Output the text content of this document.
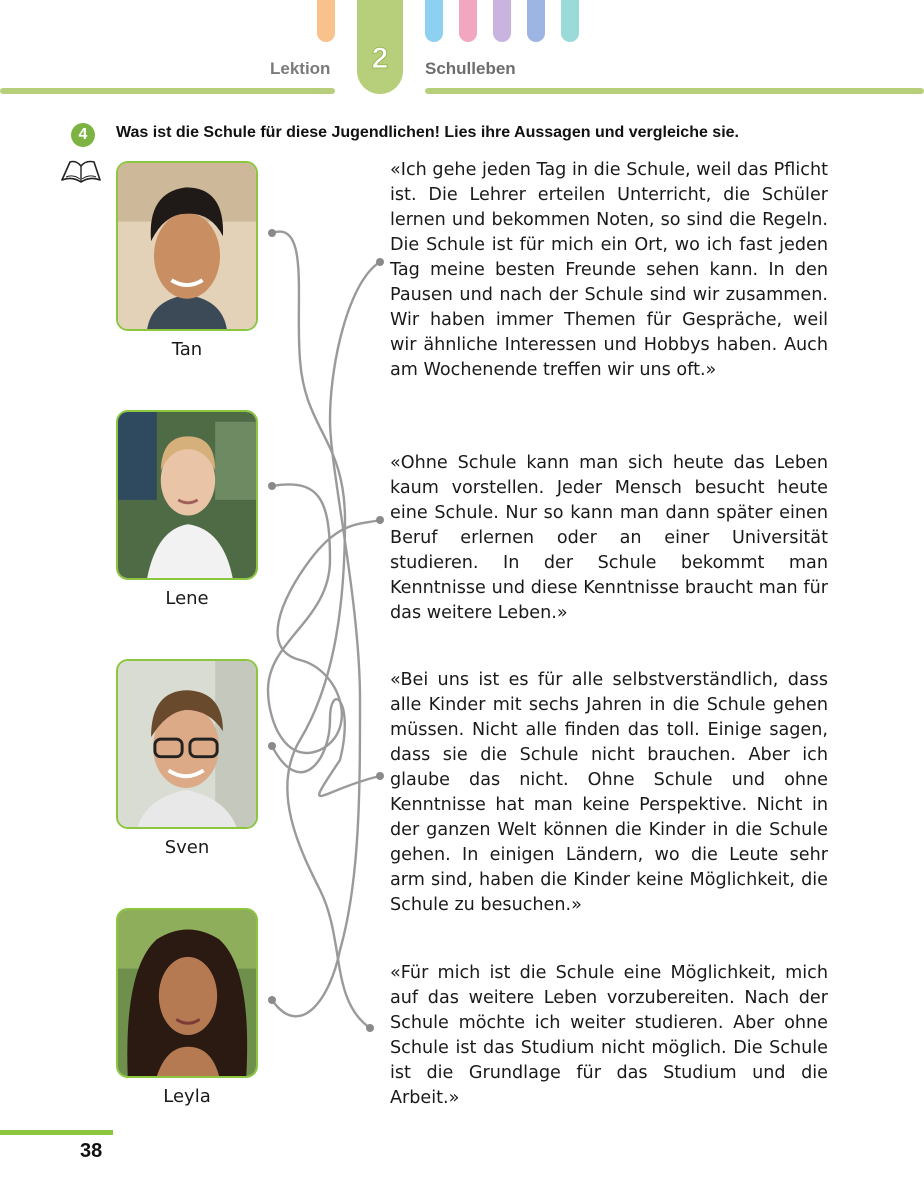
2
Lektion	Schulleben
4	Was ist die Schule für diese Jugendlichen! Lies ihre Aussagen und vergleiche sie.
Tan
Lene
Sven
Leyla

«Ich gehe jeden Tag in die Schule, weil das Pflicht ist. Die Lehrer erteilen Unterricht, die Schüler lernen und bekommen Noten, so sind die Regeln. Die Schule ist für mich ein Ort, wo ich fast jeden Tag meine besten Freunde sehen kann. In den Pausen und nach der Schule sind wir zusammen. Wir haben immer Themen für Gespräche, weil wir ähnliche Interessen und Hobbys haben. Auch am Wochenende treffen wir uns oft.»

«Ohne Schule kann man sich heute das Leben kaum vorstellen. Jeder Mensch besucht heute eine Schule. Nur so kann man dann später einen Beruf erlernen oder an einer Universität studieren. In der Schule bekommt man Kenntnisse und diese Kenntnisse braucht man für das weitere Leben.»

«Bei uns ist es für alle selbstverständlich, dass alle Kinder mit sechs Jahren in die Schule gehen müssen. Nicht alle finden das toll. Einige sagen, dass sie die Schule nicht brauchen. Aber ich glaube das nicht. Ohne Schule und ohne Kenntnisse hat man keine Perspektive. Nicht in der ganzen Welt können die Kinder in die Schule gehen. In einigen Ländern, wo die Leute sehr arm sind, haben die Kinder keine Möglichkeit, die Schule zu besuchen.»

«Für mich ist die Schule eine Möglichkeit, mich auf das weitere Leben vorzubereiten. Nach der Schule möchte ich weiter studieren. Aber ohne Schule ist das Studium nicht möglich. Die Schule ist die Grundlage für das Studium und die Arbeit.»

38
